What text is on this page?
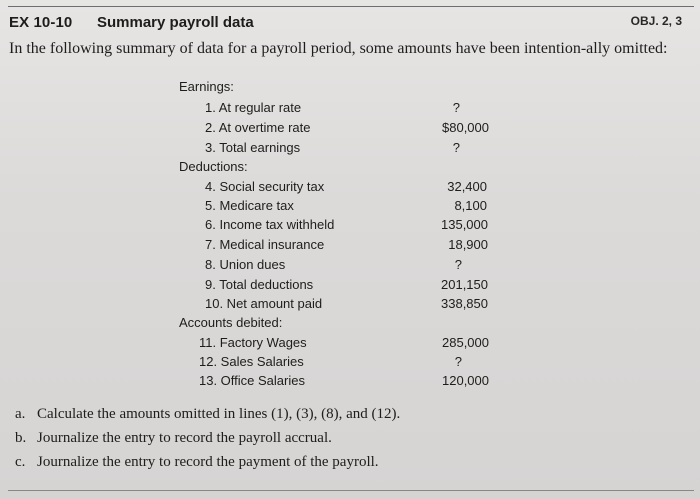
EX 10-10 Summary payroll data	OBJ. 2, 3
In the following summary of data for a payroll period, some amounts have been intention-ally omitted:
Earnings:
1. At regular rate	?
2. At overtime rate	$80,000
3. Total earnings	?
Deductions:
4. Social security tax	32,400
5. Medicare tax	8,100
6. Income tax withheld	135,000
7. Medical insurance	18,900
8. Union dues	?
9. Total deductions	201,150
10. Net amount paid	338,850
Accounts debited:
11. Factory Wages	285,000
12. Sales Salaries	?
13. Office Salaries	120,000
a. Calculate the amounts omitted in lines (1), (3), (8), and (12).
b. Journalize the entry to record the payroll accrual.
c. Journalize the entry to record the payment of the payroll.
